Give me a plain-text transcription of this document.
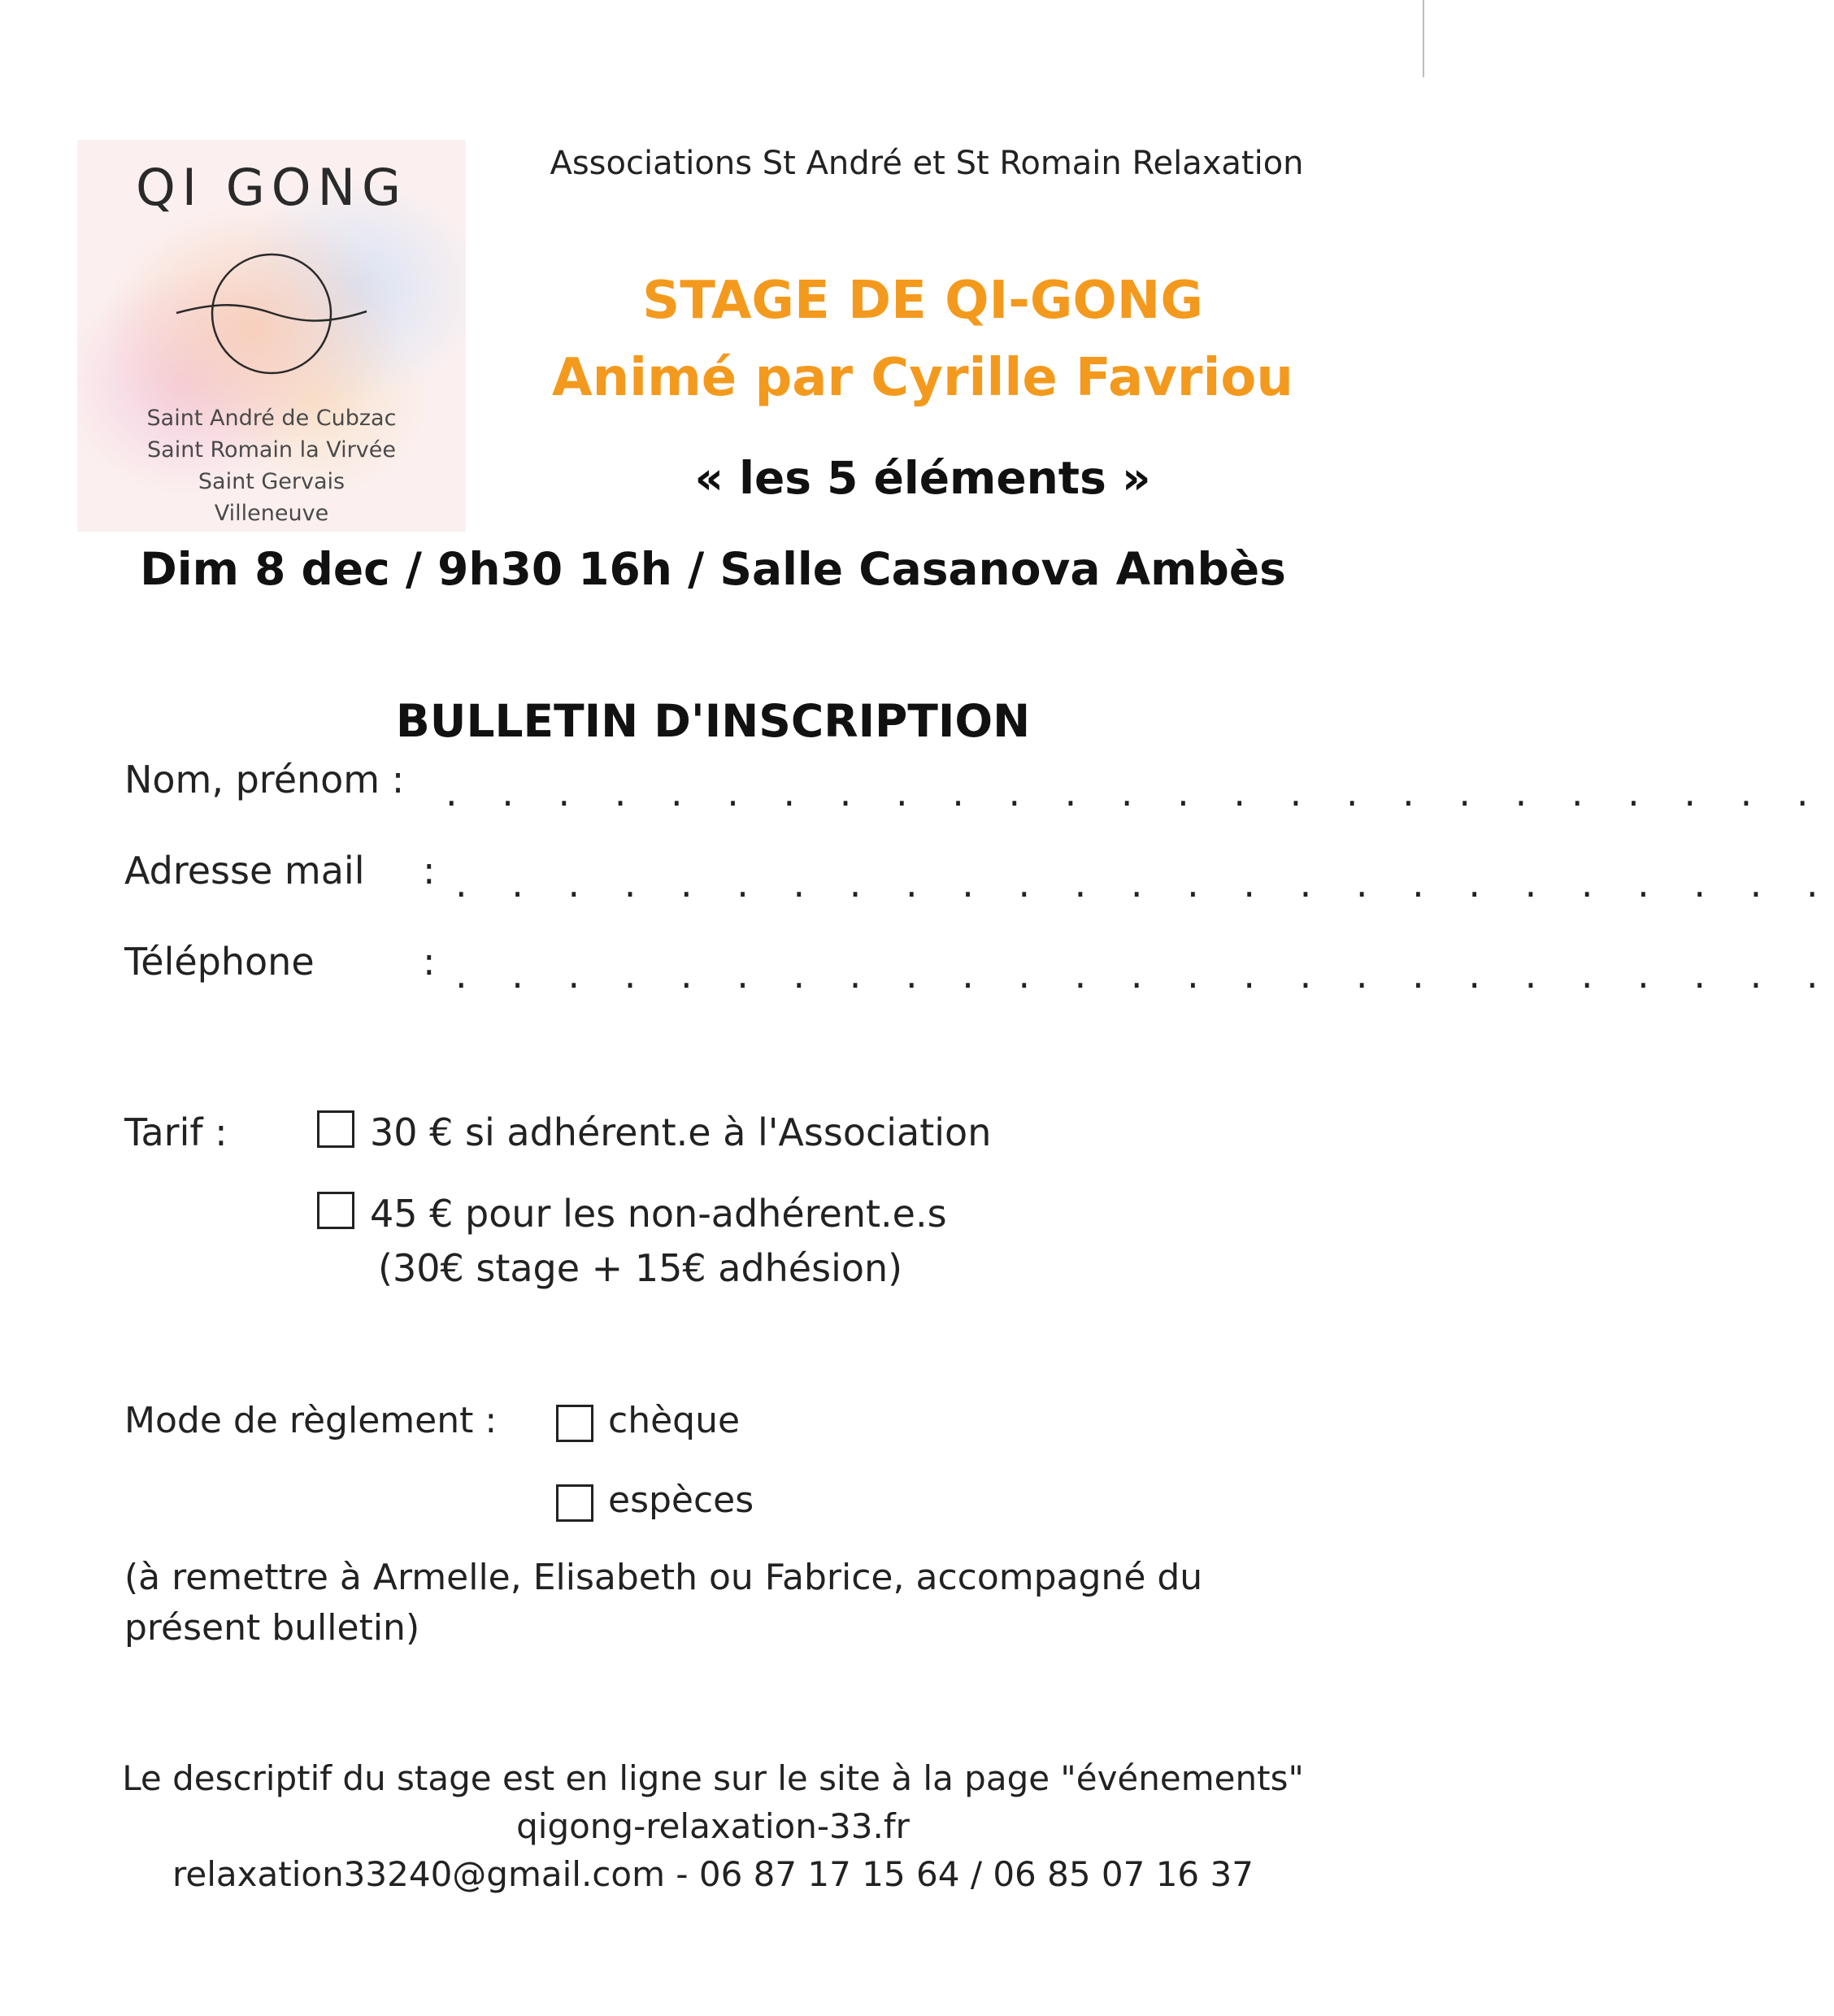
QI GONG
Saint André de Cubzac
Saint Romain la Virvée
Saint Gervais
Villeneuve
Associations St André et St Romain Relaxation
STAGE DE QI-GONG
Animé par Cyrille Favriou
« les 5 éléments »
Dim 8 dec / 9h30 16h / Salle Casanova Ambès
BULLETIN D'INSCRIPTION
Nom, prénom : . . . . . . . . . . . . . . . . . . . . . . . . .
Adresse mail : . . . . . . . . . . . . . . . . . . . . . . . . .
Téléphone	: . . . . . . . . . . . . . . . . . . . . . . . . .
Tarif :	30 € si adhérent.e à l'Association
45 € pour les non-adhérent.e.s
(30€ stage + 15€ adhésion)
Mode de règlement :	chèque
espèces
(à remettre à Armelle, Elisabeth ou Fabrice, accompagné du
présent bulletin)
Le descriptif du stage est en ligne sur le site à la page "événements"
qigong-relaxation-33.fr
relaxation33240@gmail.com - 06 87 17 15 64 / 06 85 07 16 37
